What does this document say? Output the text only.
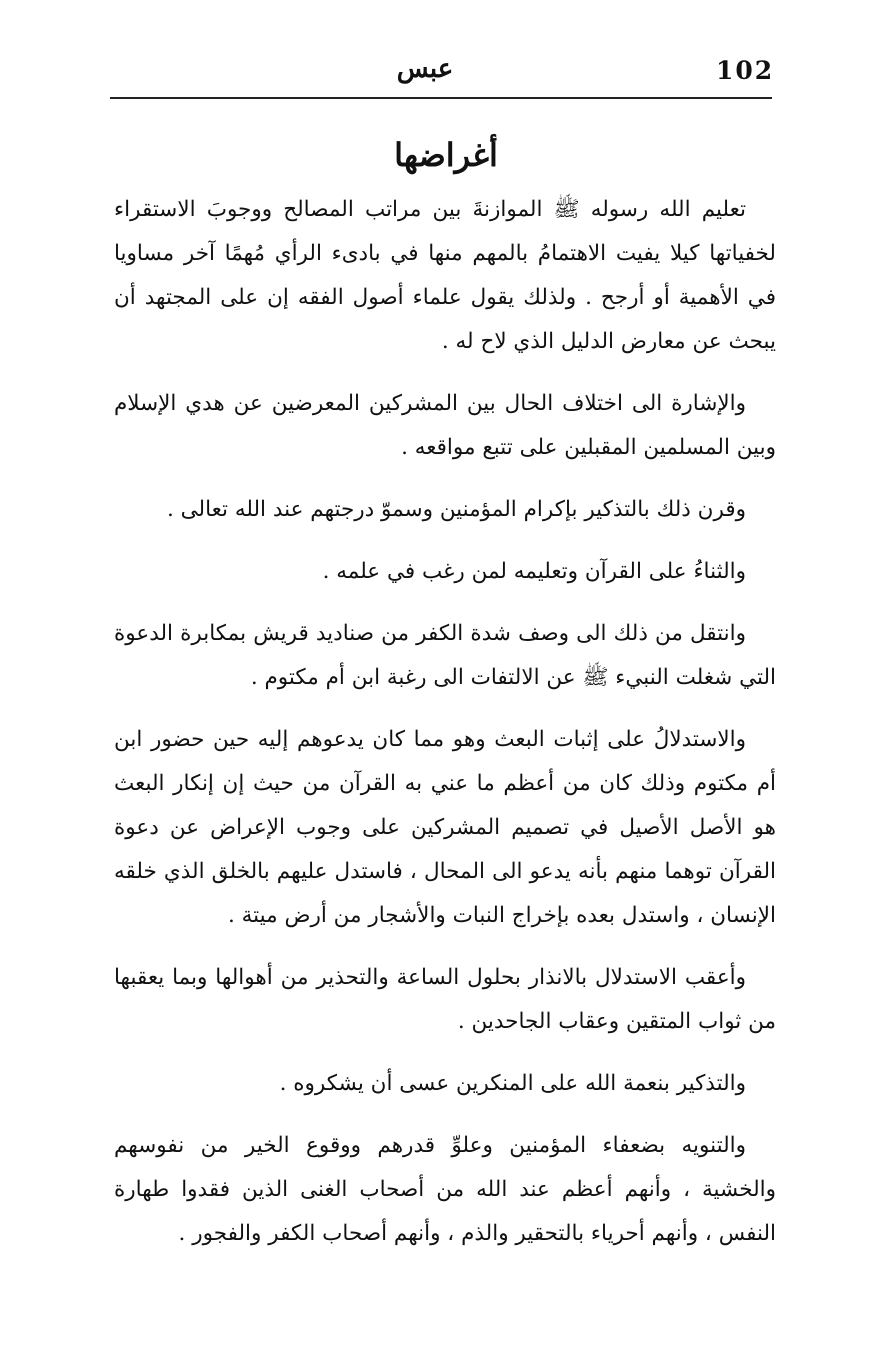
102
عبس
أغراضها

تعليم الله رسوله ﷺ الموازنةَ بين مراتب المصالح ووجوبَ الاستقراء لخفياتها كيلا يفيت الاهتمامُ بالمهم منها في بادىء الرأي مُهمًا آخر مساويا في الأهمية أو أرجح . ولذلك يقول علماء أصول الفقه إن على المجتهد أن يبحث عن معارض الدليل الذي لاح له .

والإشارة الى اختلاف الحال بين المشركين المعرضين عن هدي الإسلام وبين المسلمين المقبلين على تتبع مواقعه .

وقرن ذلك بالتذكير بإكرام المؤمنين وسموّ درجتهم عند الله تعالى .

والثناءُ على القرآن وتعليمه لمن رغب في علمه .

وانتقل من ذلك الى وصف شدة الكفر من صناديد قريش بمكابرة الدعوة التي شغلت النبيء ﷺ عن الالتفات الى رغبة ابن أم مكتوم .

والاستدلالُ على إثبات البعث وهو مما كان يدعوهم إليه حين حضور ابن أم مكتوم وذلك كان من أعظم ما عني به القرآن من حيث إن إنكار البعث هو الأصل الأصيل في تصميم المشركين على وجوب الإعراض عن دعوة القرآن توهما منهم بأنه يدعو الى المحال ، فاستدل عليهم بالخلق الذي خلقه الإنسان ، واستدل بعده بإخراج النبات والأشجار من أرض ميتة .

وأعقب الاستدلال بالانذار بحلول الساعة والتحذير من أهوالها وبما يعقبها من ثواب المتقين وعقاب الجاحدين .

والتذكير بنعمة الله على المنكرين عسى أن يشكروه .

والتنويه بضعفاء المؤمنين وعلوِّ قدرهم ووقوع الخير من نفوسهم والخشية ، وأنهم أعظم عند الله من أصحاب الغنى الذين فقدوا طهارة النفس ، وأنهم أحرياء بالتحقير والذم ، وأنهم أصحاب الكفر والفجور .
